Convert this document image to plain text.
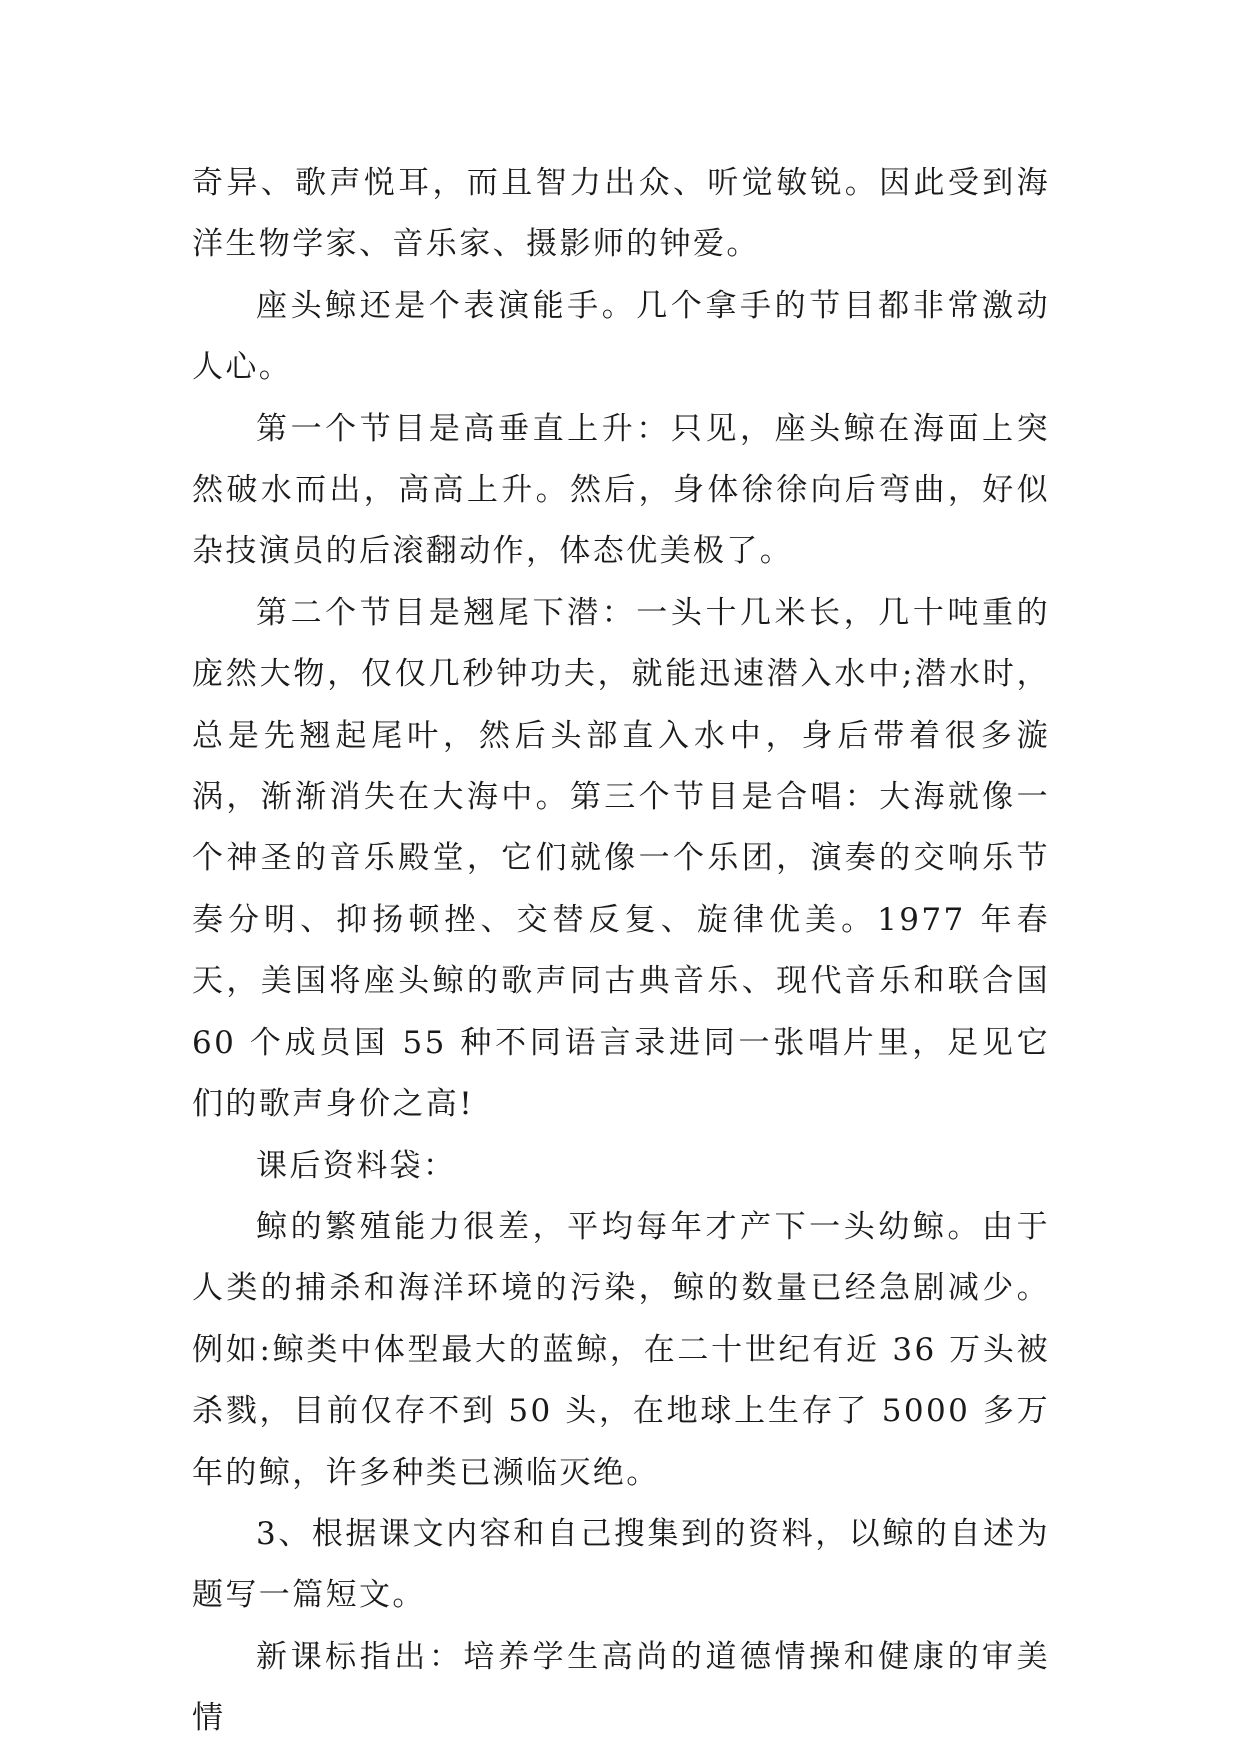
奇异、歌声悦耳，而且智力出众、听觉敏锐。因此受到海洋生物学家、音乐家、摄影师的钟爱。

座头鲸还是个表演能手。几个拿手的节目都非常激动人心。

第一个节目是高垂直上升：只见，座头鲸在海面上突然破水而出，高高上升。然后，身体徐徐向后弯曲，好似杂技演员的后滚翻动作，体态优美极了。

第二个节目是翘尾下潜：一头十几米长，几十吨重的庞然大物，仅仅几秒钟功夫，就能迅速潜入水中;潜水时，总是先翘起尾叶，然后头部直入水中，身后带着很多漩涡，渐渐消失在大海中。第三个节目是合唱：大海就像一个神圣的音乐殿堂，它们就像一个乐团，演奏的交响乐节奏分明、抑扬顿挫、交替反复、旋律优美。1977 年春天，美国将座头鲸的歌声同古典音乐、现代音乐和联合国 60 个成员国 55 种不同语言录进同一张唱片里，足见它们的歌声身价之高!

课后资料袋：

鲸的繁殖能力很差，平均每年才产下一头幼鲸。由于人类的捕杀和海洋环境的污染，鲸的数量已经急剧减少。例如:鲸类中体型最大的蓝鲸，在二十世纪有近 36 万头被杀戮，目前仅存不到 50 头，在地球上生存了 5000 多万年的鲸，许多种类已濒临灭绝。

3、根据课文内容和自己搜集到的资料，以鲸的自述为题写一篇短文。

新课标指出：培养学生高尚的道德情操和健康的审美情
